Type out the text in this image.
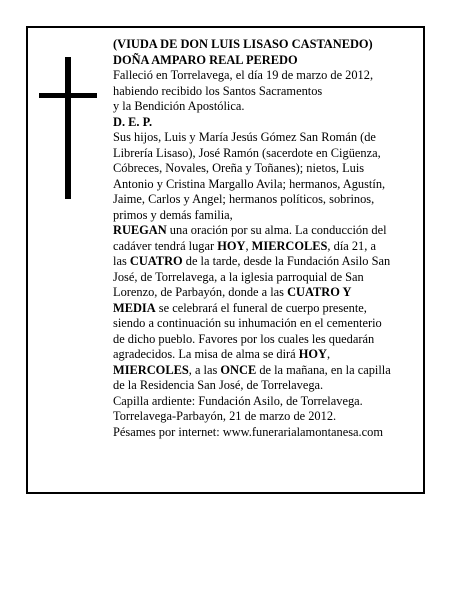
(VIUDA DE DON LUIS LISASO CASTANEDO)

DOÑA AMPARO REAL PEREDO

Falleció en Torrelavega, el día 19 de marzo de 2012,

habiendo recibido los Santos Sacramentos

y la Bendición Apostólica.

D. E. P.

Sus hijos, Luis y María Jesús Gómez San Román (de

Librería Lisaso), José Ramón (sacerdote en Cigüenza,

Cóbreces, Novales, Oreña y Toñanes); nietos, Luis

Antonio y Cristina Margallo Avila; hermanos, Agustín,

Jaime, Carlos y Angel; hermanos políticos, sobrinos,

primos y demás familia,

RUEGAN una oración por su alma. La conducción del

cadáver tendrá lugar HOY, MIERCOLES, día 21, a

las CUATRO de la tarde, desde la Fundación Asilo San

José, de Torrelavega, a la iglesia parroquial de San

Lorenzo, de Parbayón, donde a las CUATRO Y

MEDIA se celebrará el funeral de cuerpo presente,

siendo a continuación su inhumación en el cementerio

de dicho pueblo. Favores por los cuales les quedarán

agradecidos. La misa de alma se dirá HOY,

MIERCOLES, a las ONCE de la mañana, en la capilla

de la Residencia San José, de Torrelavega.

Capilla ardiente: Fundación Asilo, de Torrelavega.

Torrelavega-Parbayón, 21 de marzo de 2012.

Pésames por internet: www.funerarialamontanesa.com
